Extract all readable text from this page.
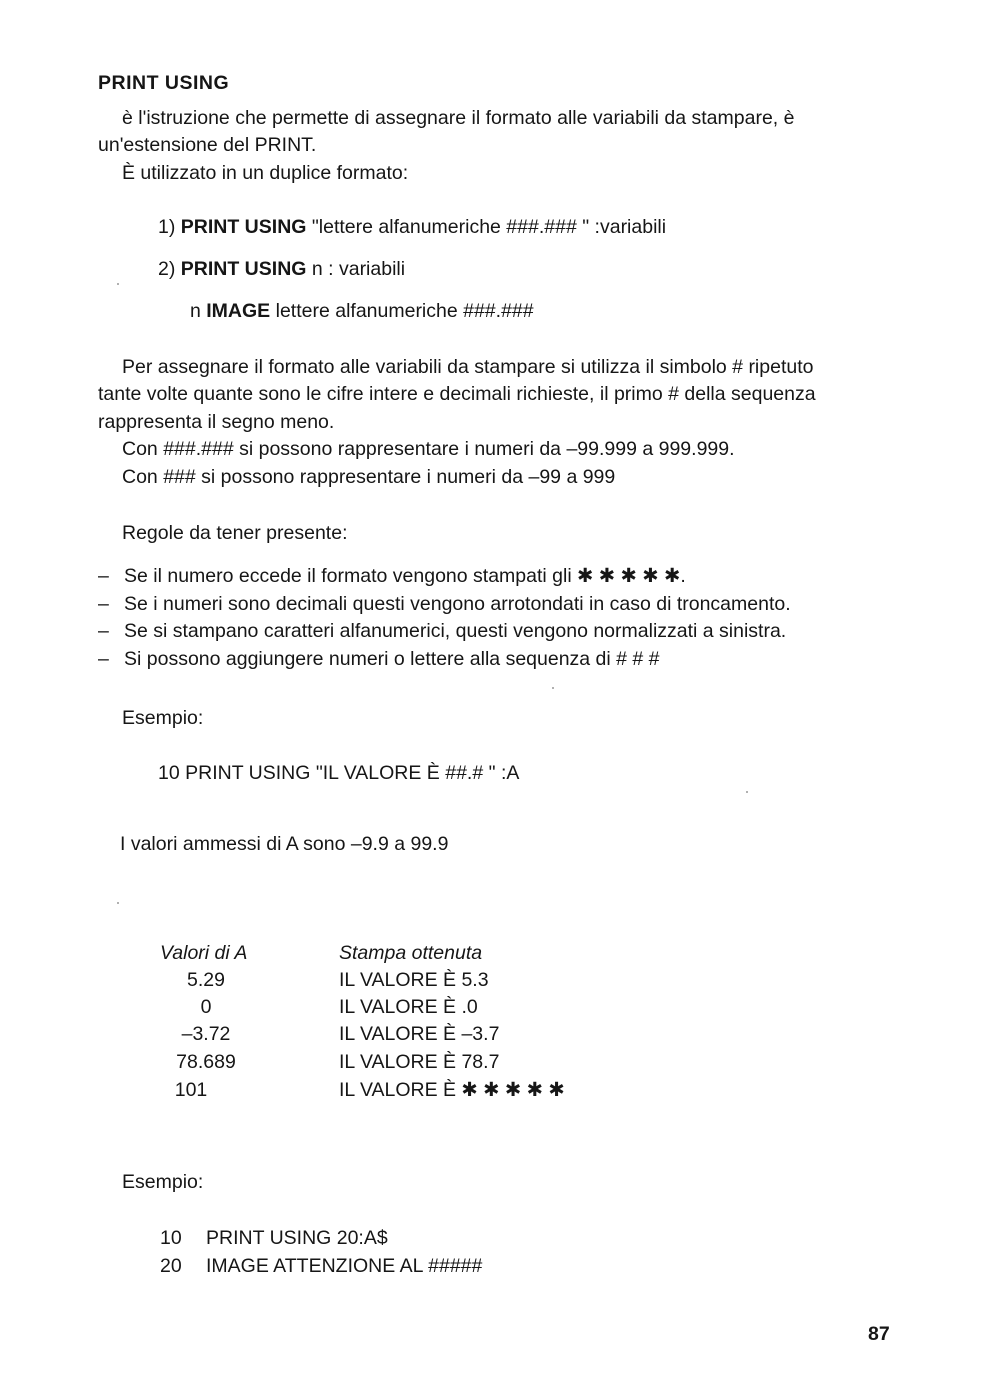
PRINT USING
è l'istruzione che permette di assegnare il formato alle variabili da stampare, è
un'estensione del PRINT.
È utilizzato in un duplice formato:
1) PRINT USING "lettere alfanumeriche ###.### " :variabili
2) PRINT USING n : variabili
n IMAGE lettere alfanumeriche ###.###
Per assegnare il formato alle variabili da stampare si utilizza il simbolo # ripetuto
tante volte quante sono le cifre intere e decimali richieste, il primo # della sequenza
rappresenta il segno meno.
Con ###.### si possono rappresentare i numeri da –99.999 a 999.999.
Con ### si possono rappresentare i numeri da –99 a 999
Regole da tener presente:
– Se il numero eccede il formato vengono stampati gli ✱ ✱ ✱ ✱ ✱.
– Se i numeri sono decimali questi vengono arrotondati in caso di troncamento.
– Se si stampano caratteri alfanumerici, questi vengono normalizzati a sinistra.
– Si possono aggiungere numeri o lettere alla sequenza di # # #
Esempio:
10 PRINT USING "IL VALORE È ##.# " :A
I valori ammessi di A sono –9.9 a 99.9
Valori di A	Stampa ottenuta
5.29	IL VALORE È 5.3
0	IL VALORE È .0
–3.72	IL VALORE È –3.7
78.689	IL VALORE È 78.7
101	IL VALORE È ✱ ✱ ✱ ✱ ✱
Esempio:
10 PRINT USING 20:A$
20 IMAGE ATTENZIONE AL #####
87
